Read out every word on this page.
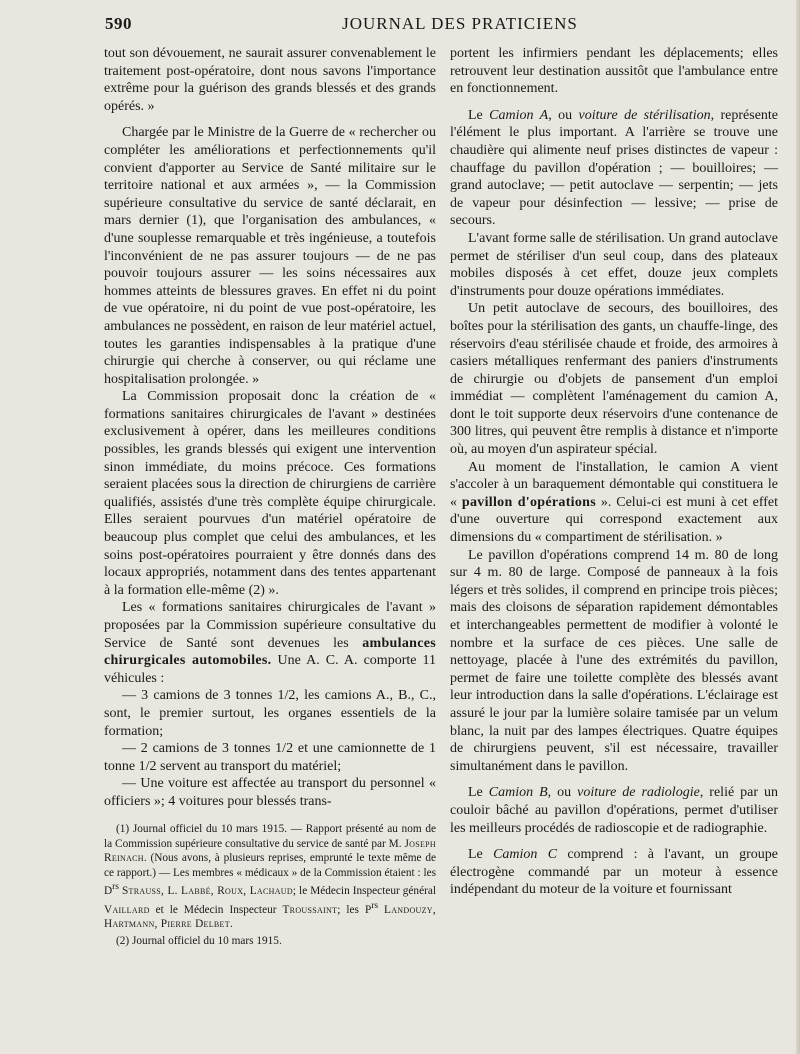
590	JOURNAL DES PRATICIENS

tout son dévouement, ne saurait assurer convenablement le traitement post-opératoire, dont nous savons l'importance extrême pour la guérison des grands blessés et des grands opérés. »

Chargée par le Ministre de la Guerre de « rechercher ou compléter les améliorations et perfectionnements qu'il convient d'apporter au Service de Santé militaire sur le territoire national et aux armées », — la Commission supérieure consultative du service de santé déclarait, en mars dernier (1), que l'organisation des ambulances, « d'une souplesse remarquable et très ingénieuse, a toutefois l'inconvénient de ne pas assurer toujours — de ne pas pouvoir toujours assurer — les soins nécessaires aux hommes atteints de blessures graves. En effet ni du point de vue opératoire, ni du point de vue post-opératoire, les ambulances ne possèdent, en raison de leur matériel actuel, toutes les garanties indispensables à la pratique d'une chirurgie qui cherche à conserver, ou qui réclame une hospitalisation prolongée. »

La Commission proposait donc la création de « formations sanitaires chirurgicales de l'avant » destinées exclusivement à opérer, dans les meilleures conditions possibles, les grands blessés qui exigent une intervention sinon immédiate, du moins précoce. Ces formations seraient placées sous la direction de chirurgiens de carrière qualifiés, assistés d'une très complète équipe chirurgicale. Elles seraient pourvues d'un matériel opératoire de beaucoup plus complet que celui des ambulances, et les soins post-opératoires pourraient y être donnés dans des locaux appropriés, notamment dans des tentes appartenant à la formation elle-même (2) ».

Les « formations sanitaires chirurgicales de l'avant » proposées par la Commission supérieure consultative du Service de Santé sont devenues les ambulances chirurgicales automobiles. Une A. C. A. comporte 11 véhicules :

— 3 camions de 3 tonnes 1/2, les camions A., B., C., sont, le premier surtout, les organes essentiels de la formation;

— 2 camions de 3 tonnes 1/2 et une camionnette de 1 tonne 1/2 servent au transport du matériel;

— Une voiture est affectée au transport du personnel « officiers »; 4 voitures pour blessés trans-

(1) Journal officiel du 10 mars 1915. — Rapport présenté au nom de la Commission supérieure consultative du service de santé par M. Joseph Reinach. (Nous avons, à plusieurs reprises, emprunté le texte même de ce rapport.) — Les membres « médicaux » de la Commission étaient : les $D^{rs}$ Strauss, L. Labbé, Roux, Lachaud; le Médecin Inspecteur général Vaillard et le Médecin Inspecteur Troussaint; les $P^{rs}$ Landouzy, Hartmann, Pierre Delbet.

(2) Journal officiel du 10 mars 1915.

portent les infirmiers pendant les déplacements; elles retrouvent leur destination aussitôt que l'ambulance entre en fonctionnement.

Le Camion A, ou voiture de stérilisation, représente l'élément le plus important. A l'arrière se trouve une chaudière qui alimente neuf prises distinctes de vapeur : chauffage du pavillon d'opération ; — bouilloires; — grand autoclave; — petit autoclave — serpentin; — jets de vapeur pour désinfection — lessive; — prise de secours.

L'avant forme salle de stérilisation. Un grand autoclave permet de stériliser d'un seul coup, dans des plateaux mobiles disposés à cet effet, douze jeux complets d'instruments pour douze opérations immédiates.

Un petit autoclave de secours, des bouilloires, des boîtes pour la stérilisation des gants, un chauffe-linge, des réservoirs d'eau stérilisée chaude et froide, des armoires à casiers métalliques renfermant des paniers d'instruments de chirurgie ou d'objets de pansement d'un emploi immédiat — complètent l'aménagement du camion A, dont le toit supporte deux réservoirs d'une contenance de 300 litres, qui peuvent être remplis à distance et n'importe où, au moyen d'un aspirateur spécial.

Au moment de l'installation, le camion A vient s'accoler à un baraquement démontable qui constituera le « pavillon d'opérations ». Celui-ci est muni à cet effet d'une ouverture qui correspond exactement aux dimensions du « compartiment de stérilisation. »

Le pavillon d'opérations comprend 14 m. 80 de long sur 4 m. 80 de large. Composé de panneaux à la fois légers et très solides, il comprend en principe trois pièces; mais des cloisons de séparation rapidement démontables et interchangeables permettent de modifier à volonté le nombre et la surface de ces pièces. Une salle de nettoyage, placée à l'une des extrémités du pavillon, permet de faire une toilette complète des blessés avant leur introduction dans la salle d'opérations. L'éclairage est assuré le jour par la lumière solaire tamisée par un velum blanc, la nuit par des lampes électriques. Quatre équipes de chirurgiens peuvent, s'il est nécessaire, travailler simultanément dans le pavillon.

Le Camion B, ou voiture de radiologie, relié par un couloir bâché au pavillon d'opérations, permet d'utiliser les meilleurs procédés de radioscopie et de radiographie.

Le Camion C comprend : à l'avant, un groupe électrogène commandé par un moteur à essence indépendant du moteur de la voiture et fournissant
